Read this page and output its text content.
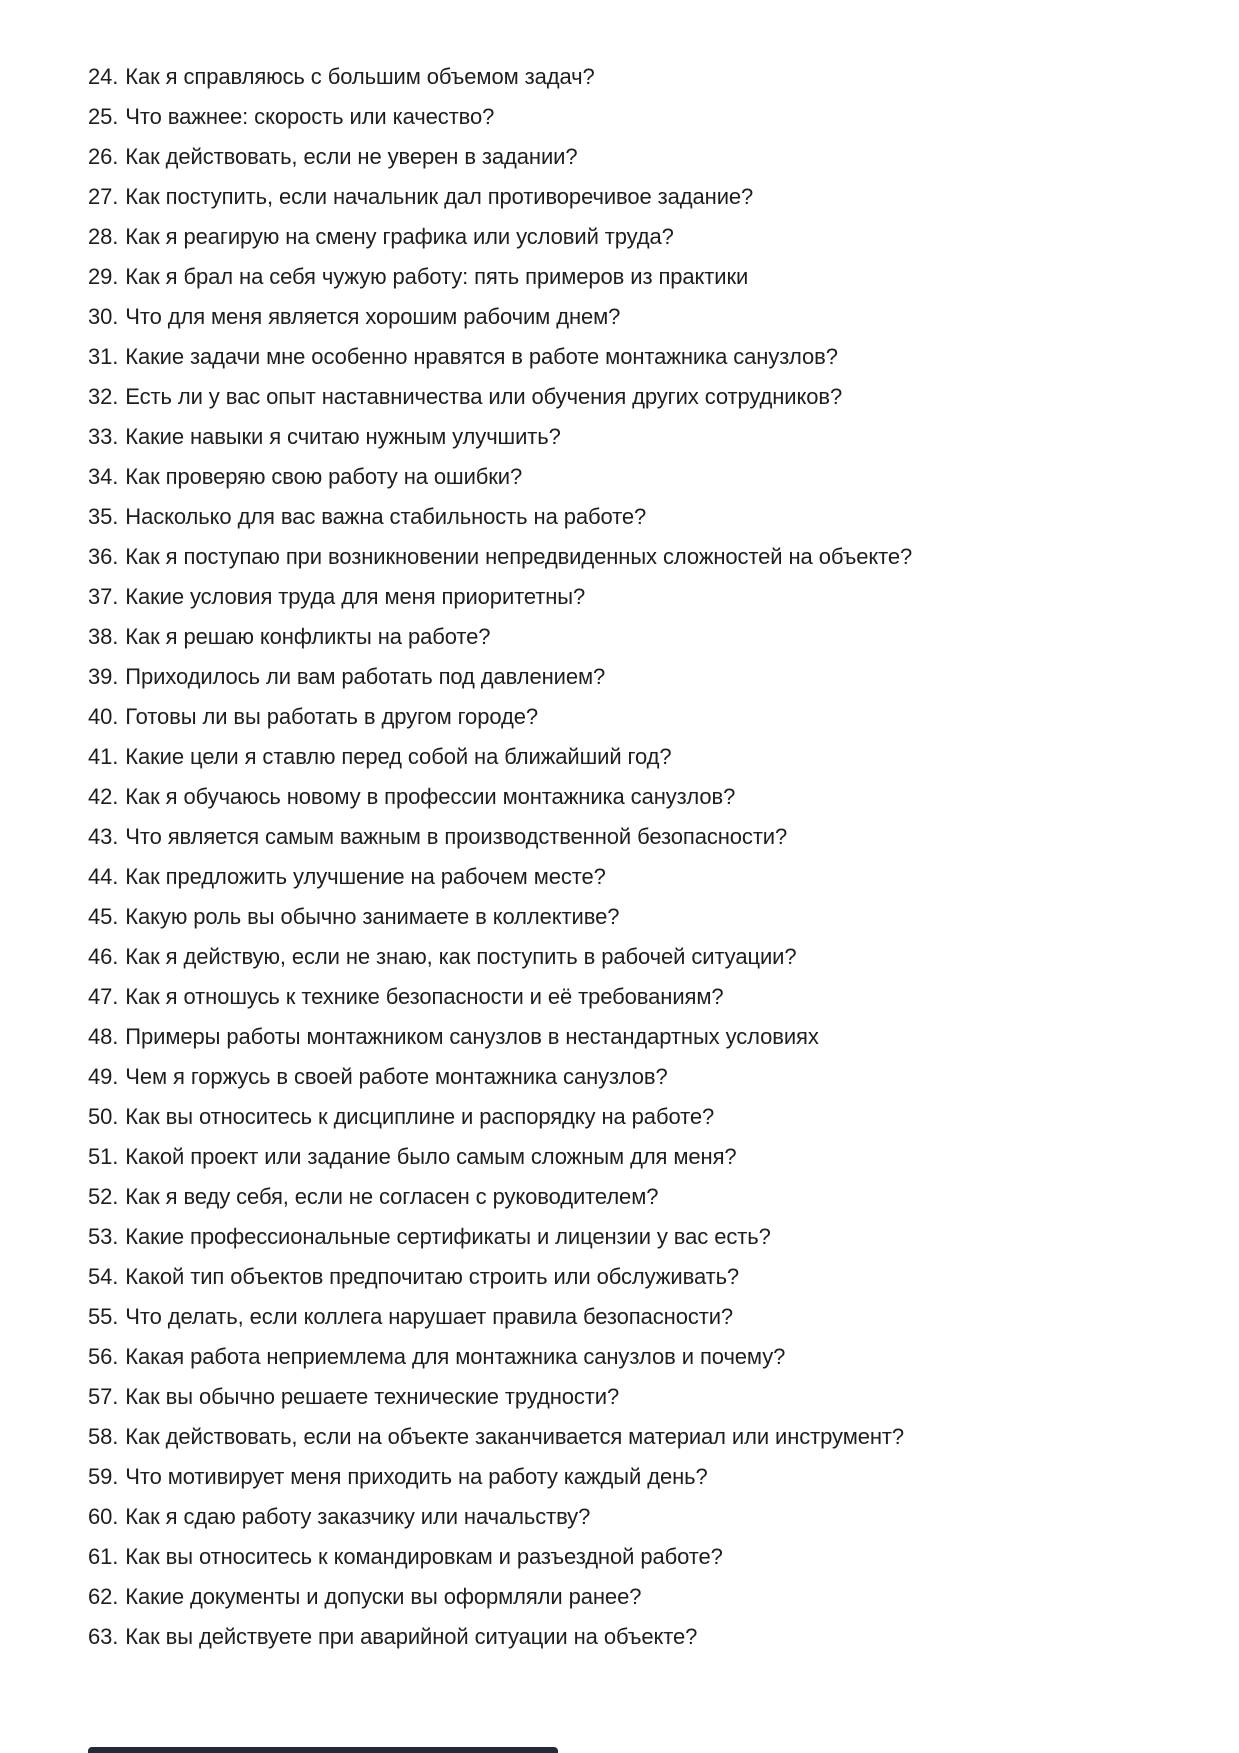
24. Как я справляюсь с большим объемом задач?
25. Что важнее: скорость или качество?
26. Как действовать, если не уверен в задании?
27. Как поступить, если начальник дал противоречивое задание?
28. Как я реагирую на смену графика или условий труда?
29. Как я брал на себя чужую работу: пять примеров из практики
30. Что для меня является хорошим рабочим днем?
31. Какие задачи мне особенно нравятся в работе монтажника санузлов?
32. Есть ли у вас опыт наставничества или обучения других сотрудников?
33. Какие навыки я считаю нужным улучшить?
34. Как проверяю свою работу на ошибки?
35. Насколько для вас важна стабильность на работе?
36. Как я поступаю при возникновении непредвиденных сложностей на объекте?
37. Какие условия труда для меня приоритетны?
38. Как я решаю конфликты на работе?
39. Приходилось ли вам работать под давлением?
40. Готовы ли вы работать в другом городе?
41. Какие цели я ставлю перед собой на ближайший год?
42. Как я обучаюсь новому в профессии монтажника санузлов?
43. Что является самым важным в производственной безопасности?
44. Как предложить улучшение на рабочем месте?
45. Какую роль вы обычно занимаете в коллективе?
46. Как я действую, если не знаю, как поступить в рабочей ситуации?
47. Как я отношусь к технике безопасности и её требованиям?
48. Примеры работы монтажником санузлов в нестандартных условиях
49. Чем я горжусь в своей работе монтажника санузлов?
50. Как вы относитесь к дисциплине и распорядку на работе?
51. Какой проект или задание было самым сложным для меня?
52. Как я веду себя, если не согласен с руководителем?
53. Какие профессиональные сертификаты и лицензии у вас есть?
54. Какой тип объектов предпочитаю строить или обслуживать?
55. Что делать, если коллега нарушает правила безопасности?
56. Какая работа неприемлема для монтажника санузлов и почему?
57. Как вы обычно решаете технические трудности?
58. Как действовать, если на объекте заканчивается материал или инструмент?
59. Что мотивирует меня приходить на работу каждый день?
60. Как я сдаю работу заказчику или начальству?
61. Как вы относитесь к командировкам и разъездной работе?
62. Какие документы и допуски вы оформляли ранее?
63. Как вы действуете при аварийной ситуации на объекте?
